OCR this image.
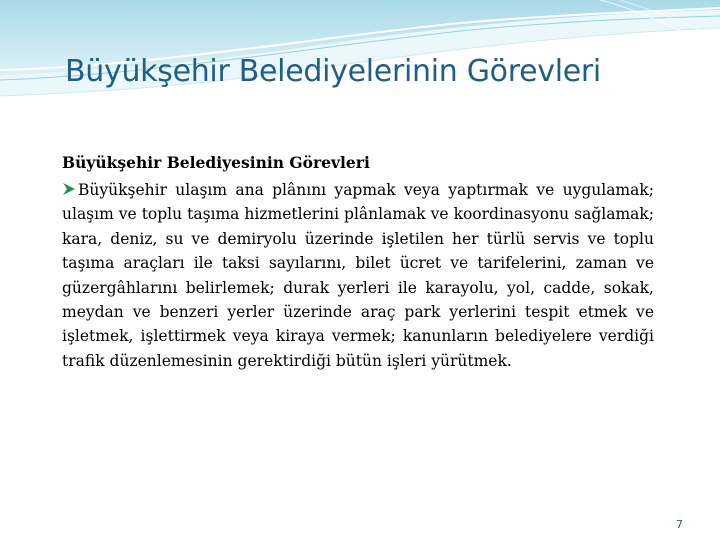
Büyükşehir Belediyelerinin Görevleri

Büyükşehir Belediyesinin Görevleri

Büyükşehir ulaşım ana plânını yapmak veya yaptırmak ve uygulamak; ulaşım ve toplu taşıma hizmetlerini plânlamak ve koordinasyonu sağlamak; kara, deniz, su ve demiryolu üzerinde işletilen her türlü servis ve toplu taşıma araçları ile taksi sayılarını, bilet ücret ve tarifelerini, zaman ve güzergâhlarını belirlemek; durak yerleri ile karayolu, yol, cadde, sokak, meydan ve benzeri yerler üzerinde araç park yerlerini tespit etmek ve işletmek, işlettirmek veya kiraya vermek; kanunların belediyelere verdiği trafik düzenlemesinin gerektirdiği bütün işleri yürütmek.

7
